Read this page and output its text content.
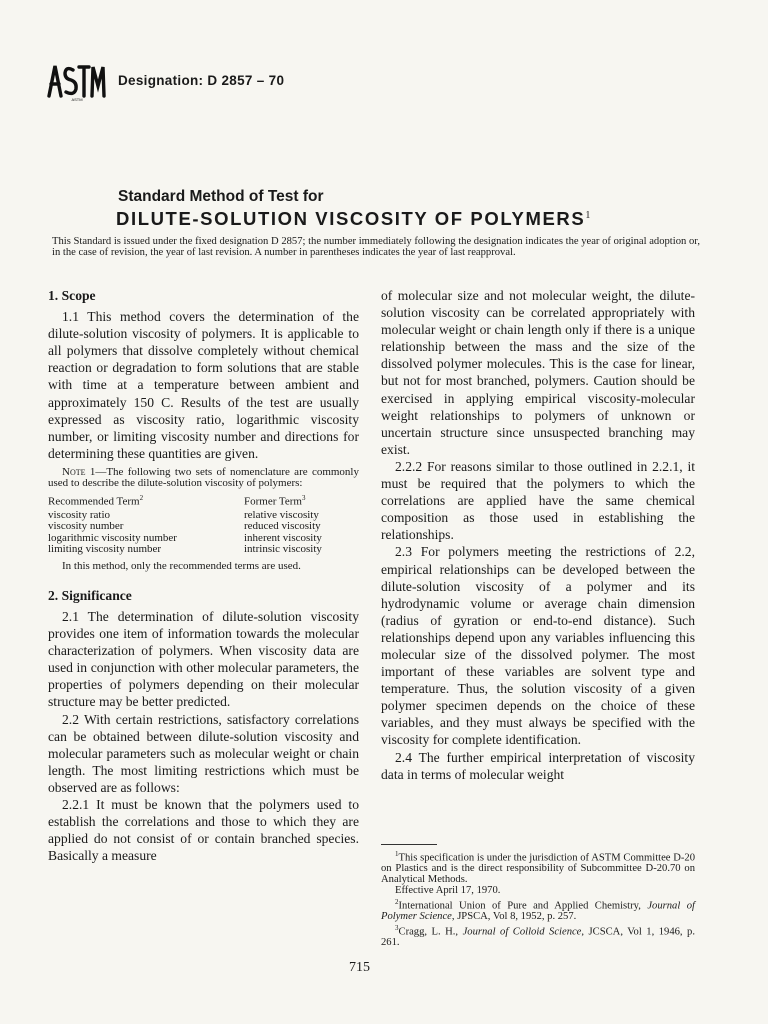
ASTM
Designation: D 2857 – 70
Standard Method of Test for
DILUTE-SOLUTION VISCOSITY OF POLYMERS$^1$
This Standard is issued under the fixed designation D 2857; the number immediately following the designation indicates the year of original adoption or, in the case of revision, the year of last revision. A number in parentheses indicates the year of last reapproval.
1. Scope

1.1 This method covers the determination of the dilute-solution viscosity of polymers. It is applicable to all polymers that dissolve completely without chemical reaction or degradation to form solutions that are stable with time at a temperature between ambient and approximately 150 C. Results of the test are usually expressed as viscosity ratio, logarithmic viscosity number, or limiting viscosity number and directions for determining these quantities are given.

Note 1—The following two sets of nomenclature are commonly used to describe the dilute-solution viscosity of polymers:

Recommended Term$^2$	Former Term$^3$
viscosity ratio	relative viscosity
viscosity number	reduced viscosity
logarithmic viscosity number	inherent viscosity
limiting viscosity number	intrinsic viscosity

In this method, only the recommended terms are used.

2. Significance

2.1 The determination of dilute-solution viscosity provides one item of information towards the molecular characterization of polymers. When viscosity data are used in conjunction with other molecular parameters, the properties of polymers depending on their molecular structure may be better predicted.

2.2 With certain restrictions, satisfactory correlations can be obtained between dilute-solution viscosity and molecular parameters such as molecular weight or chain length. The most limiting restrictions which must be observed are as follows:

2.2.1 It must be known that the polymers used to establish the correlations and those to which they are applied do not consist of or contain branched species. Basically a measure

of molecular size and not molecular weight, the dilute-solution viscosity can be correlated appropriately with molecular weight or chain length only if there is a unique relationship between the mass and the size of the dissolved polymer molecules. This is the case for linear, but not for most branched, polymers. Caution should be exercised in applying empirical viscosity-molecular weight relationships to polymers of unknown or uncertain structure since unsuspected branching may exist.

2.2.2 For reasons similar to those outlined in 2.2.1, it must be required that the polymers to which the correlations are applied have the same chemical composition as those used in establishing the relationships.

2.3 For polymers meeting the restrictions of 2.2, empirical relationships can be developed between the dilute-solution viscosity of a polymer and its hydrodynamic volume or average chain dimension (radius of gyration or end-to-end distance). Such relationships depend upon any variables influencing this molecular size of the dissolved polymer. The most important of these variables are solvent type and temperature. Thus, the solution viscosity of a given polymer specimen depends on the choice of these variables, and they must always be specified with the viscosity for complete identification.

2.4 The further empirical interpretation of viscosity data in terms of molecular weight

$^1$This specification is under the jurisdiction of ASTM Committee D-20 on Plastics and is the direct responsibility of Subcommittee D-20.70 on Analytical Methods.

Effective April 17, 1970.

$^2$International Union of Pure and Applied Chemistry, Journal of Polymer Science, JPSCA, Vol 8, 1952, p. 257.

$^3$Cragg, L. H., Journal of Colloid Science, JCSCA, Vol 1, 1946, p. 261.

715
